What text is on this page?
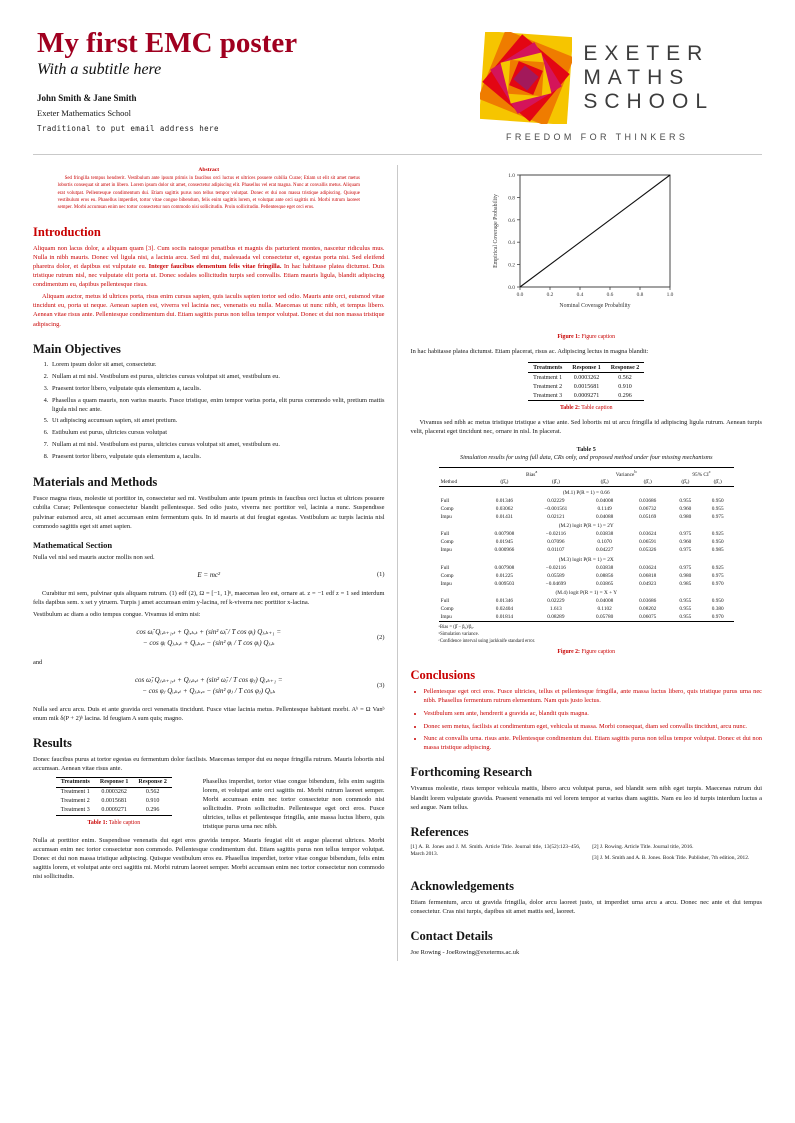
My first EMC poster
With a subtitle here
John Smith & Jane Smith
Exeter Mathematics School
Traditional to put email address here
EXETER
MATHS
SCHOOL
FREEDOM FOR THINKERS
Abstract

Sed fringilla tempus hendrerit. Vestibulum ante ipsum primis in faucibus orci luctus et ultrices posuere cubilia Curae; Etiam ut elit sit amet metus lobortis consequat sit amet in libero. Lorem ipsum dolor sit amet, consectetur adipiscing elit. Phasellus vel erat magna. Nunc at convallis metus. Aliquam erat volutpat. Pellentesque condimentum dui. Etiam sagittis purus non tellus tempor volutpat. Donec et dui non massa tristique adipiscing. Quisque vestibulum eros eu. Phasellus imperdiet, tortor vitae congue bibendum, felis enim sagittis lorem, et volutpat ante orci sagittis mi. Morbi rutrum laoreet semper. Morbi accumsan enim nec tortor consectetur non commodo nisi sollicitudin. Proin sollicitudin. Pellentesque eget orci eros.

Introduction

Aliquam non lacus dolor, a aliquam quam [3]. Cum sociis natoque penatibus et magnis dis parturient montes, nascetur ridiculus mus. Nulla in nibh mauris. Donec vel ligula nisi, a lacinia arcu. Sed mi dui, malesuada vel consectetur et, egestas porta nisi. Sed eleifend pharetra dolor, et dapibus est vulputate eu. Integer faucibus elementum felis vitae fringilla. In hac habitasse platea dictumst. Duis tristique rutrum nisl, nec vulputate elit porta ut. Donec sodales sollicitudin turpis sed convallis. Etiam mauris ligula, blandit adipiscing condimentum eu, dapibus pellentesque risus.

Aliquam auctor, metus id ultrices porta, risus enim cursus sapien, quis iaculis sapien tortor sed odio. Mauris ante orci, euismod vitae tincidunt eu, porta ut neque. Aenean sapien est, viverra vel lacinia nec, venenatis eu nulla. Maecenas ut nunc nibh, et tempus libero. Aenean vitae risus ante. Pellentesque condimentum dui. Etiam sagittis purus non tellus tempor volutpat. Donec et dui non massa tristique adipiscing.

Main Objectives
1. Lorem ipsum dolor sit amet, consectetur.
2. Nullam at mi nisl. Vestibulum est purus, ultricies cursus volutpat sit amet, vestibulum eu.
3. Praesent tortor libero, vulputate quis elementum a, iaculis.
4. Phasellus a quam mauris, non varius mauris. Fusce tristique, enim tempor varius porta, elit purus commodo velit, pretium mattis ligula nisl nec ante.
5. Ut adipiscing accumsan sapien, sit amet pretium.
6. Estibulum est purus, ultricies cursus volutpat
7. Nullam at mi nisl. Vestibulum est purus, ultricies cursus volutpat sit amet, vestibulum eu.
8. Praesent tortor libero, vulputate quis elementum a, iaculis.
Materials and Methods

Fusce magna risus, molestie ut porttitor in, consectetur sed mi. Vestibulum ante ipsum primis in faucibus orci luctus et ultrices posuere cubilia Curae; Pellentesque consectetur blandit pellentesque. Sed odio justo, viverra nec porttitor vel, lacinia a nunc. Suspendisse pulvinar euismod arcu, sit amet accumsan enim fermentum quis. In id mauris at dui feugiat egestas. Vestibulum ac turpis lacinia nisl commodo sagittis eget sit amet sapien.

Mathematical Section

Nulla vel nisl sed mauris auctor mollis non sed.

E = mc²	(1)

Curabitur mi sem, pulvinar quis aliquam rutrum. (1) edf (2), Ω = [−1, 1]ⁿ, maecenas leo est, ornare at. z = −1 edf z = 1 sed interdum felis dapibus sem. x set y ytruem. Turpis j amet accumsan enim y-lacina, ref k-viverra nec porttitor x-lacina.

Vestibulum ac diam a odio tempus congue. Vivamus id enim nisi:

cos ω̂ᵢ Qᵢ,ₖ₊₁,ₜ + Qᵢ,ₖ,ₜ + (sin² ω̂ᵢ / T cos φᵢ) Qⱼ,ₖ₊₁ =
− cos φᵢ Qⱼ,ₖ,ₜ + Qᵢ,ₖ,ₛ − (sin² φᵢ / T cos φᵢ) Qⱼ,ₖ
(2)

and

cos ω̂ⱼ Qⱼ,ₖ₊₁,ₜ + Qⱼ,ₖ,ₜ + (sin² ω̂ⱼ / T cos φⱼ) Qᵢ,ₖ₊₁ =
− cos φⱼ Qᵢ,ₖ,ₜ + Qⱼ,ₖ,ₛ − (sin² φⱼ / T cos φⱼ) Qᵢ,ₖ
(3)

Nulla sed arcu arcu. Duis et ante gravida orci venenatis tincidunt. Fusce vitae lacinia metus. Pellentesque habitant morbi. Aᵇ = Ω Vanᵇ enum mik δ(P + 2)ᵇ lacina. Id feugiam A sum quis; magno.

Results

Donec faucibus purus at tortor egestas eu fermentum dolor facilisis. Maecenas tempor dui eu neque fringilla rutrum. Mauris lobortis nisl accumsan. Aenean vitae risus ante.

Treatments	Response 1	Response 2
Treatment 1	0.0003262	0.562
Treatment 2	0.0015681	0.910
Treatment 3	0.0009271	0.296
Table 1: Table caption

Phasellus imperdiet, tortor vitae congue bibendum, felis enim sagittis lorem, et volutpat ante orci sagittis mi. Morbi rutrum laoreet semper. Morbi accumsan enim nec tortor consectetur non commodo nisi sollicitudin. Proin sollicitudin. Pellentesque eget orci eros. Fusce ultricies, tellus et pellentesque fringilla, ante massa luctus libero, quis tristique purus urna nec nibh.

Nulla at porttitor enim. Suspendisse venenatis dui eget eros gravida tempor. Mauris feugiat elit et augue placerat ultrices. Morbi accumsan enim nec tortor consectetur non commodo. Pellentesque condimentum dui. Etiam sagittis purus non tellus tempor volutpat. Donec et dui non massa tristique adipiscing. Quisque vestibulum eros eu. Phasellus imperdiet, tortor vitae congue bibendum, felis enim sagittis lorem, et volutpat ante orci sagittis mi. Morbi rutrum laoreet semper. Morbi accumsan enim nec tortor consectetur non commodo nisi sollicitudin.

0.0	0.2	0.4	0.6	0.8	1.0
0.0
0.2
0.4
0.6
0.8
1.0
Nominal Coverage Probability
Empirical Coverage Probability
Figure 1: Figure caption

In hac habitasse platea dictumst. Etiam placerat, risus ac. Adipiscing lectus in magna blandit:

Treatments	Response 1	Response 2
Treatment 1	0.0003262	0.562
Treatment 2	0.0015681	0.910
Treatment 3	0.0009271	0.296
Table 2: Table caption

Vivamus sed nibh ac metus tristique tristique a vitae ante. Sed lobortis mi ut arcu fringilla id adipiscing ligula rutrum. Aenean turpis velit, placerat eget tincidunt nec, ornare in nisl. In placerat.

Table 5
Simulation results for using full data, CRs only, and proposed method under four missing mechanisms
	Bias$^a$		Variance$^b$		95% $CI^c$
Method	(β̂₀)	(β̂₁)	(β̂₀)	(β̂₁)	(β̂₀)	(β̂₁)
(M.1) P(R = 1) = 0.66						
Full	0.01346	0.02229	0.04008	0.03686	0.955	0.950
Comp	0.03062	−0.001561	0.1149	0.06732	0.960	0.955
Impu	0.01431	0.02121	0.04088	0.05169	0.980	0.975
(M.2) logit P(R = 1) = 2Y						
Full	0.007908	−0.02116	0.03838	0.03624	0.975	0.925
Comp	0.01945	0.07096	0.1070	0.06591	0.960	0.950
Impu	0.000966	0.01107	0.04227	0.05326	0.975	0.985
(M.3) logit P(R = 1) = 2X						
Full	0.007908	−0.02116	0.03838	0.03624	0.975	0.925
Comp	0.01225	0.05589	0.08856	0.06818	0.980	0.975
Impu	0.009503	−0.04699	0.03865	0.04923	0.985	0.970
(M.4) logit P(R = 1) = X + Y						
Full	0.01346	0.02229	0.04008	0.03686	0.955	0.950
Comp	0.02404	1.613	0.1102	0.08202	0.955	0.380
Impu	0.01814	0.08289	0.05780	0.06075	0.955	0.970
ᵃBias = (β̂ − β₀)/β₀.
ᵇSimulation variance.
ᶜConfidence interval using jackknife standard error.
Figure 2: Figure caption
Conclusions
• Pellentesque eget orci eros. Fusce ultricies, tellus et pellentesque fringilla, ante massa luctus libero, quis tristique purus urna nec nibh. Phasellus fermentum rutrum elementum. Nam quis justo lectus.
• Vestibulum sem ante, hendrerit a gravida ac, blandit quis magna.
• Donec sem metus, facilisis at condimentum eget, vehicula ut massa. Morbi consequat, diam sed convallis tincidunt, arcu nunc.
• Nunc at convallis urna. risus ante. Pellentesque condimentum dui. Etiam sagittis purus non tellus tempor volutpat. Donec et dui non massa tristique adipiscing.
Forthcoming Research

Vivamus molestie, risus tempor vehicula mattis, libero arcu volutpat purus, sed blandit sem nibh eget turpis. Maecenas rutrum dui blandit lorem vulputate gravida. Praesent venenatis mi vel lorem tempor at varius diam sagittis. Nam eu leo id turpis interdum luctus a sed augue. Nam tellus.

References
[1] A. B. Jones and J. M. Smith. Article Title. Journal title, 13(52):123–456, March 2013.
[2] J. Rowing. Article Title. Journal title, 2016.
[3] J. M. Smith and A. B. Jones. Book Title. Publisher, 7th edition, 2012.
Acknowledgements

Etiam fermentum, arcu ut gravida fringilla, dolor arcu laoreet justo, ut imperdiet urna arcu a arcu. Donec nec ante et dui tempus consectetur. Cras nisi turpis, dapibus sit amet mattis sed, laoreet.

Contact Details

Joe Rowing - JoeRowing@exeterms.ac.uk
